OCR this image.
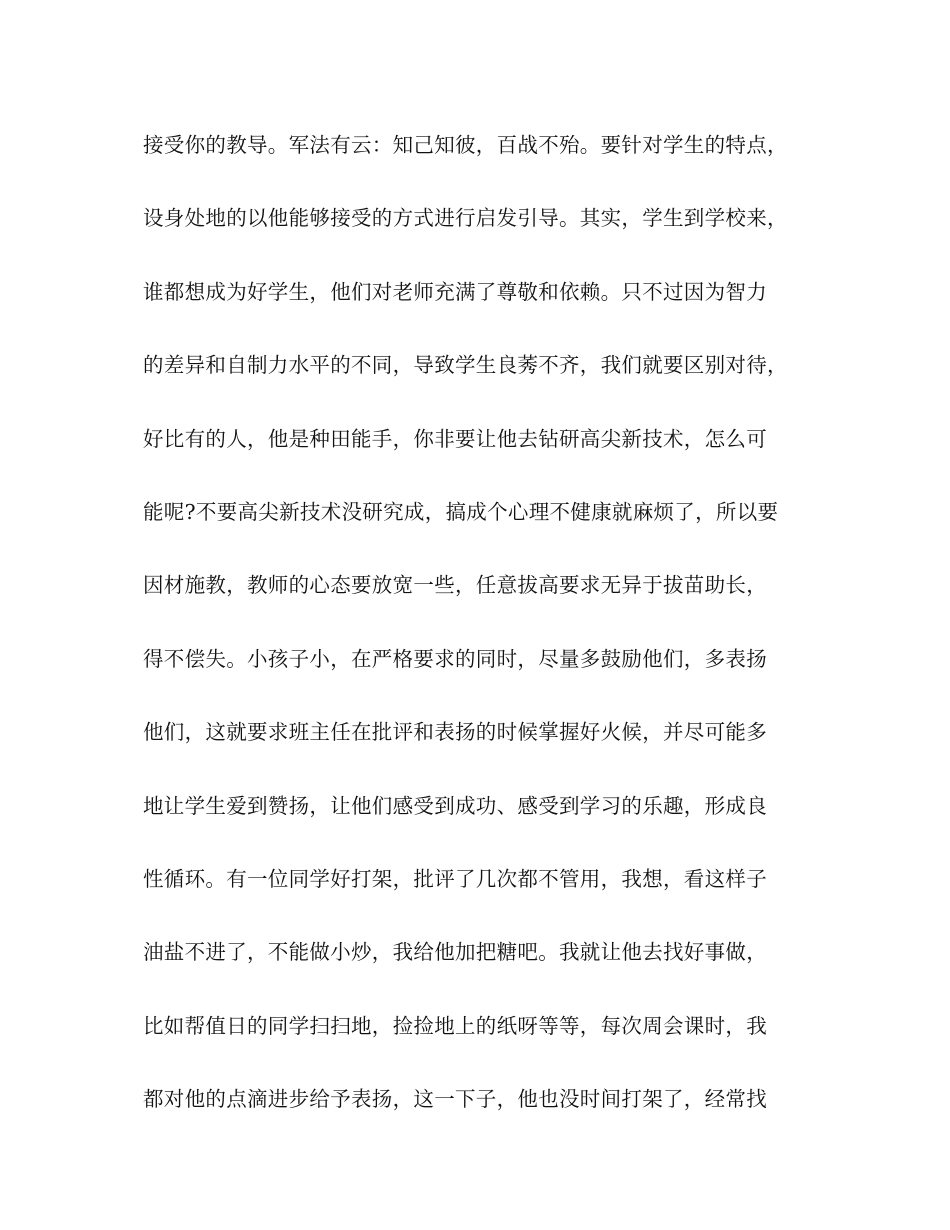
接受你的教导。军法有云：知己知彼，百战不殆。要针对学生的特点，
设身处地的以他能够接受的方式进行启发引导。其实，学生到学校来，
谁都想成为好学生，他们对老师充满了尊敬和依赖。只不过因为智力
的差异和自制力水平的不同，导致学生良莠不齐，我们就要区别对待，
好比有的人，他是种田能手，你非要让他去钻研高尖新技术，怎么可
能呢?不要高尖新技术没研究成，搞成个心理不健康就麻烦了，所以要
因材施教，教师的心态要放宽一些，任意拔高要求无异于拔苗助长，
得不偿失。小孩子小，在严格要求的同时，尽量多鼓励他们，多表扬
他们，这就要求班主任在批评和表扬的时候掌握好火候，并尽可能多
地让学生爱到赞扬，让他们感受到成功、感受到学习的乐趣，形成良
性循环。有一位同学好打架，批评了几次都不管用，我想，看这样子
油盐不进了，不能做小炒，我给他加把糖吧。我就让他去找好事做，
比如帮值日的同学扫扫地，捡捡地上的纸呀等等，每次周会课时，我
都对他的点滴进步给予表扬，这一下子，他也没时间打架了，经常找
